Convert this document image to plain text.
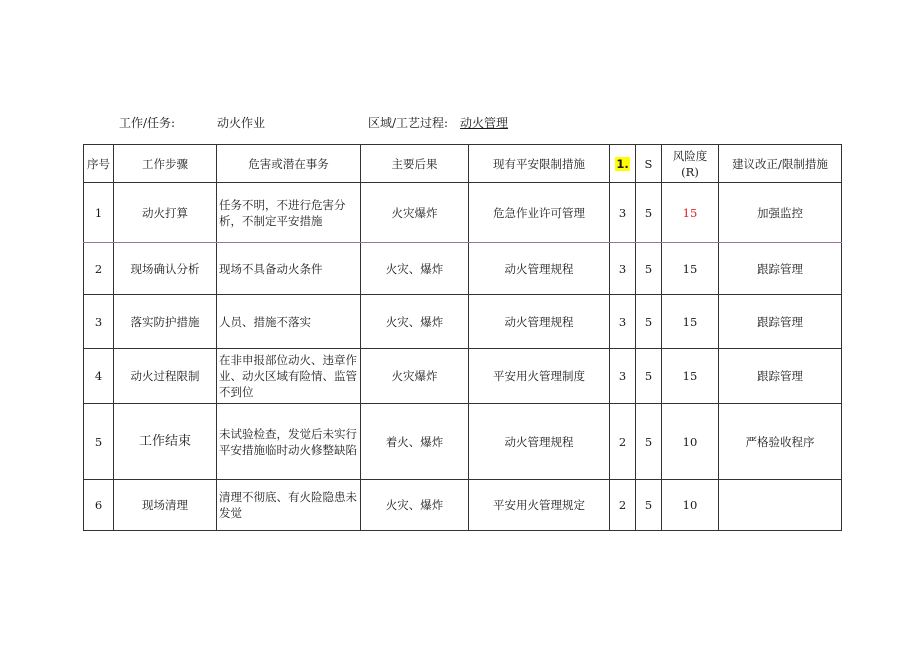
工作/任务:	动火作业	区域/工艺过程: 动火管理
序号	工作步骤	危害或潜在事务	主要后果	现有平安限制措施	1.	S	风险度(R)	建议改正/限制措施
1	动火打算	任务不明，不进行危害分析，不制定平安措施	火灾爆炸	危急作业许可管理	3	5	15	加强监控
2	现场确认分析	现场不具备动火条件	火灾、爆炸	动火管理规程	3	5	15	跟踪管理
3	落实防护措施	人员、措施不落实	火灾、爆炸	动火管理规程	3	5	15	跟踪管理
4	动火过程限制	在非申报部位动火、违章作业、动火区域有险情、监管不到位	火灾爆炸	平安用火管理制度	3	5	15	跟踪管理
5	工作结束	未试验检查，发觉后未实行平安措施临时动火修整缺陷	着火、爆炸	动火管理规程	2	5	10	严格验收程序
6	现场清理	清理不彻底、有火险隐患未发觉	火灾、爆炸	平安用火管理规定	2	5	10	
